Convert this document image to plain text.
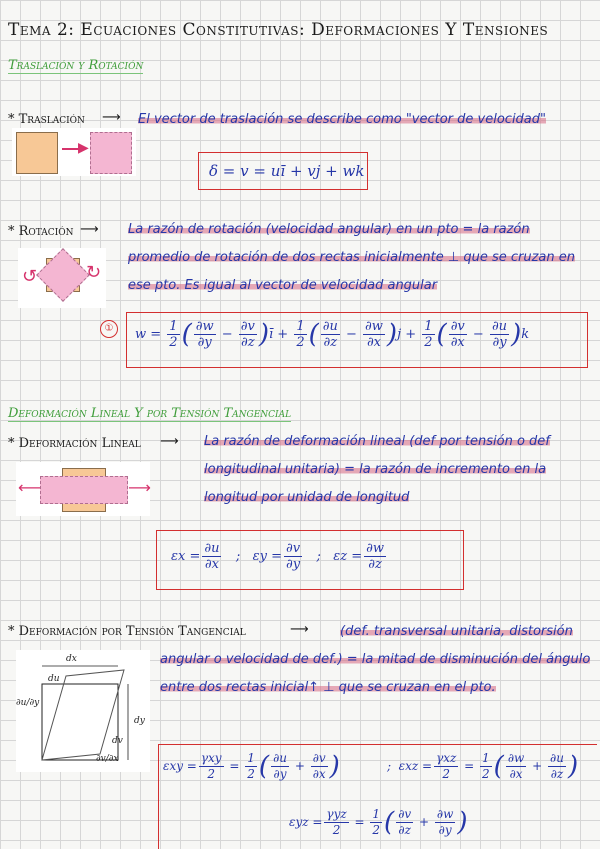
Tema 2: Ecuaciones Constitutivas: Deformaciones Y Tensiones
Traslación y Rotación
* Traslación ⟶ El vector de traslación se describe como "vector de velocidad"
▶
δ = v = uī + vj + wk
* Rotación ⟶ La razón de rotación (velocidad angular) en un pto = la razón promedio de rotación de dos rectas inicialmente ⊥ que se cruzan en ese pto. Es igual al vector de velocidad angular
↺	↻
①	$w = \frac{1}{2}$ ( $\frac{\partial w}{\partial y} - \frac{\partial v}{\partial z}$ )ī + $\frac{1}{2}$ ( $\frac{\partial u}{\partial z} - \frac{\partial w}{\partial x} )j + \frac{1}{2}$ ( $\frac{\partial v}{\partial x} - \frac{\partial u}{\partial y} )k$
Deformación Lineal Y por Tensión Tangencial
* Deformación Lineal ⟶ La razón de deformación lineal (def por tensión o def longitudinal unitaria) = la razón de incremento en la longitud por unidad de longitud
⟵	⟶
$\varepsilon x = \frac{\partial u}{\partial x}$ ;   $\varepsilon y = \frac{\partial v}{\partial y}$ ;   $\varepsilon z = \frac{\partial w}{\partial z}$
* Deformación por Tensión Tangencial	⟶	(def. transversal unitaria, distorsión angular o velocidad de def.) = la mitad de disminución del ángulo entre dos rectas inicial↑ ⊥ que se cruzan en el pto.
dx
du
∂u/∂y
dy
dv
∂v/∂x	$\varepsilon xy = \frac{\text{γxy}}{2} = \frac{1}{2}$ ( $\frac{\partial u}{\partial y} + \frac{\partial v}{\partial x}$ )	;  $\varepsilon xz = \frac{\text{γxz}}{2} = \frac{1}{2}$ ( $\frac{\partial w}{\partial x} + \frac{\partial u}{\partial z}$ )
$\varepsilon yz = \frac{\text{γyz}}{2} = \frac{1}{2}$ ( $\frac{\partial v}{\partial z} + \frac{\partial w}{\partial y}$ )
